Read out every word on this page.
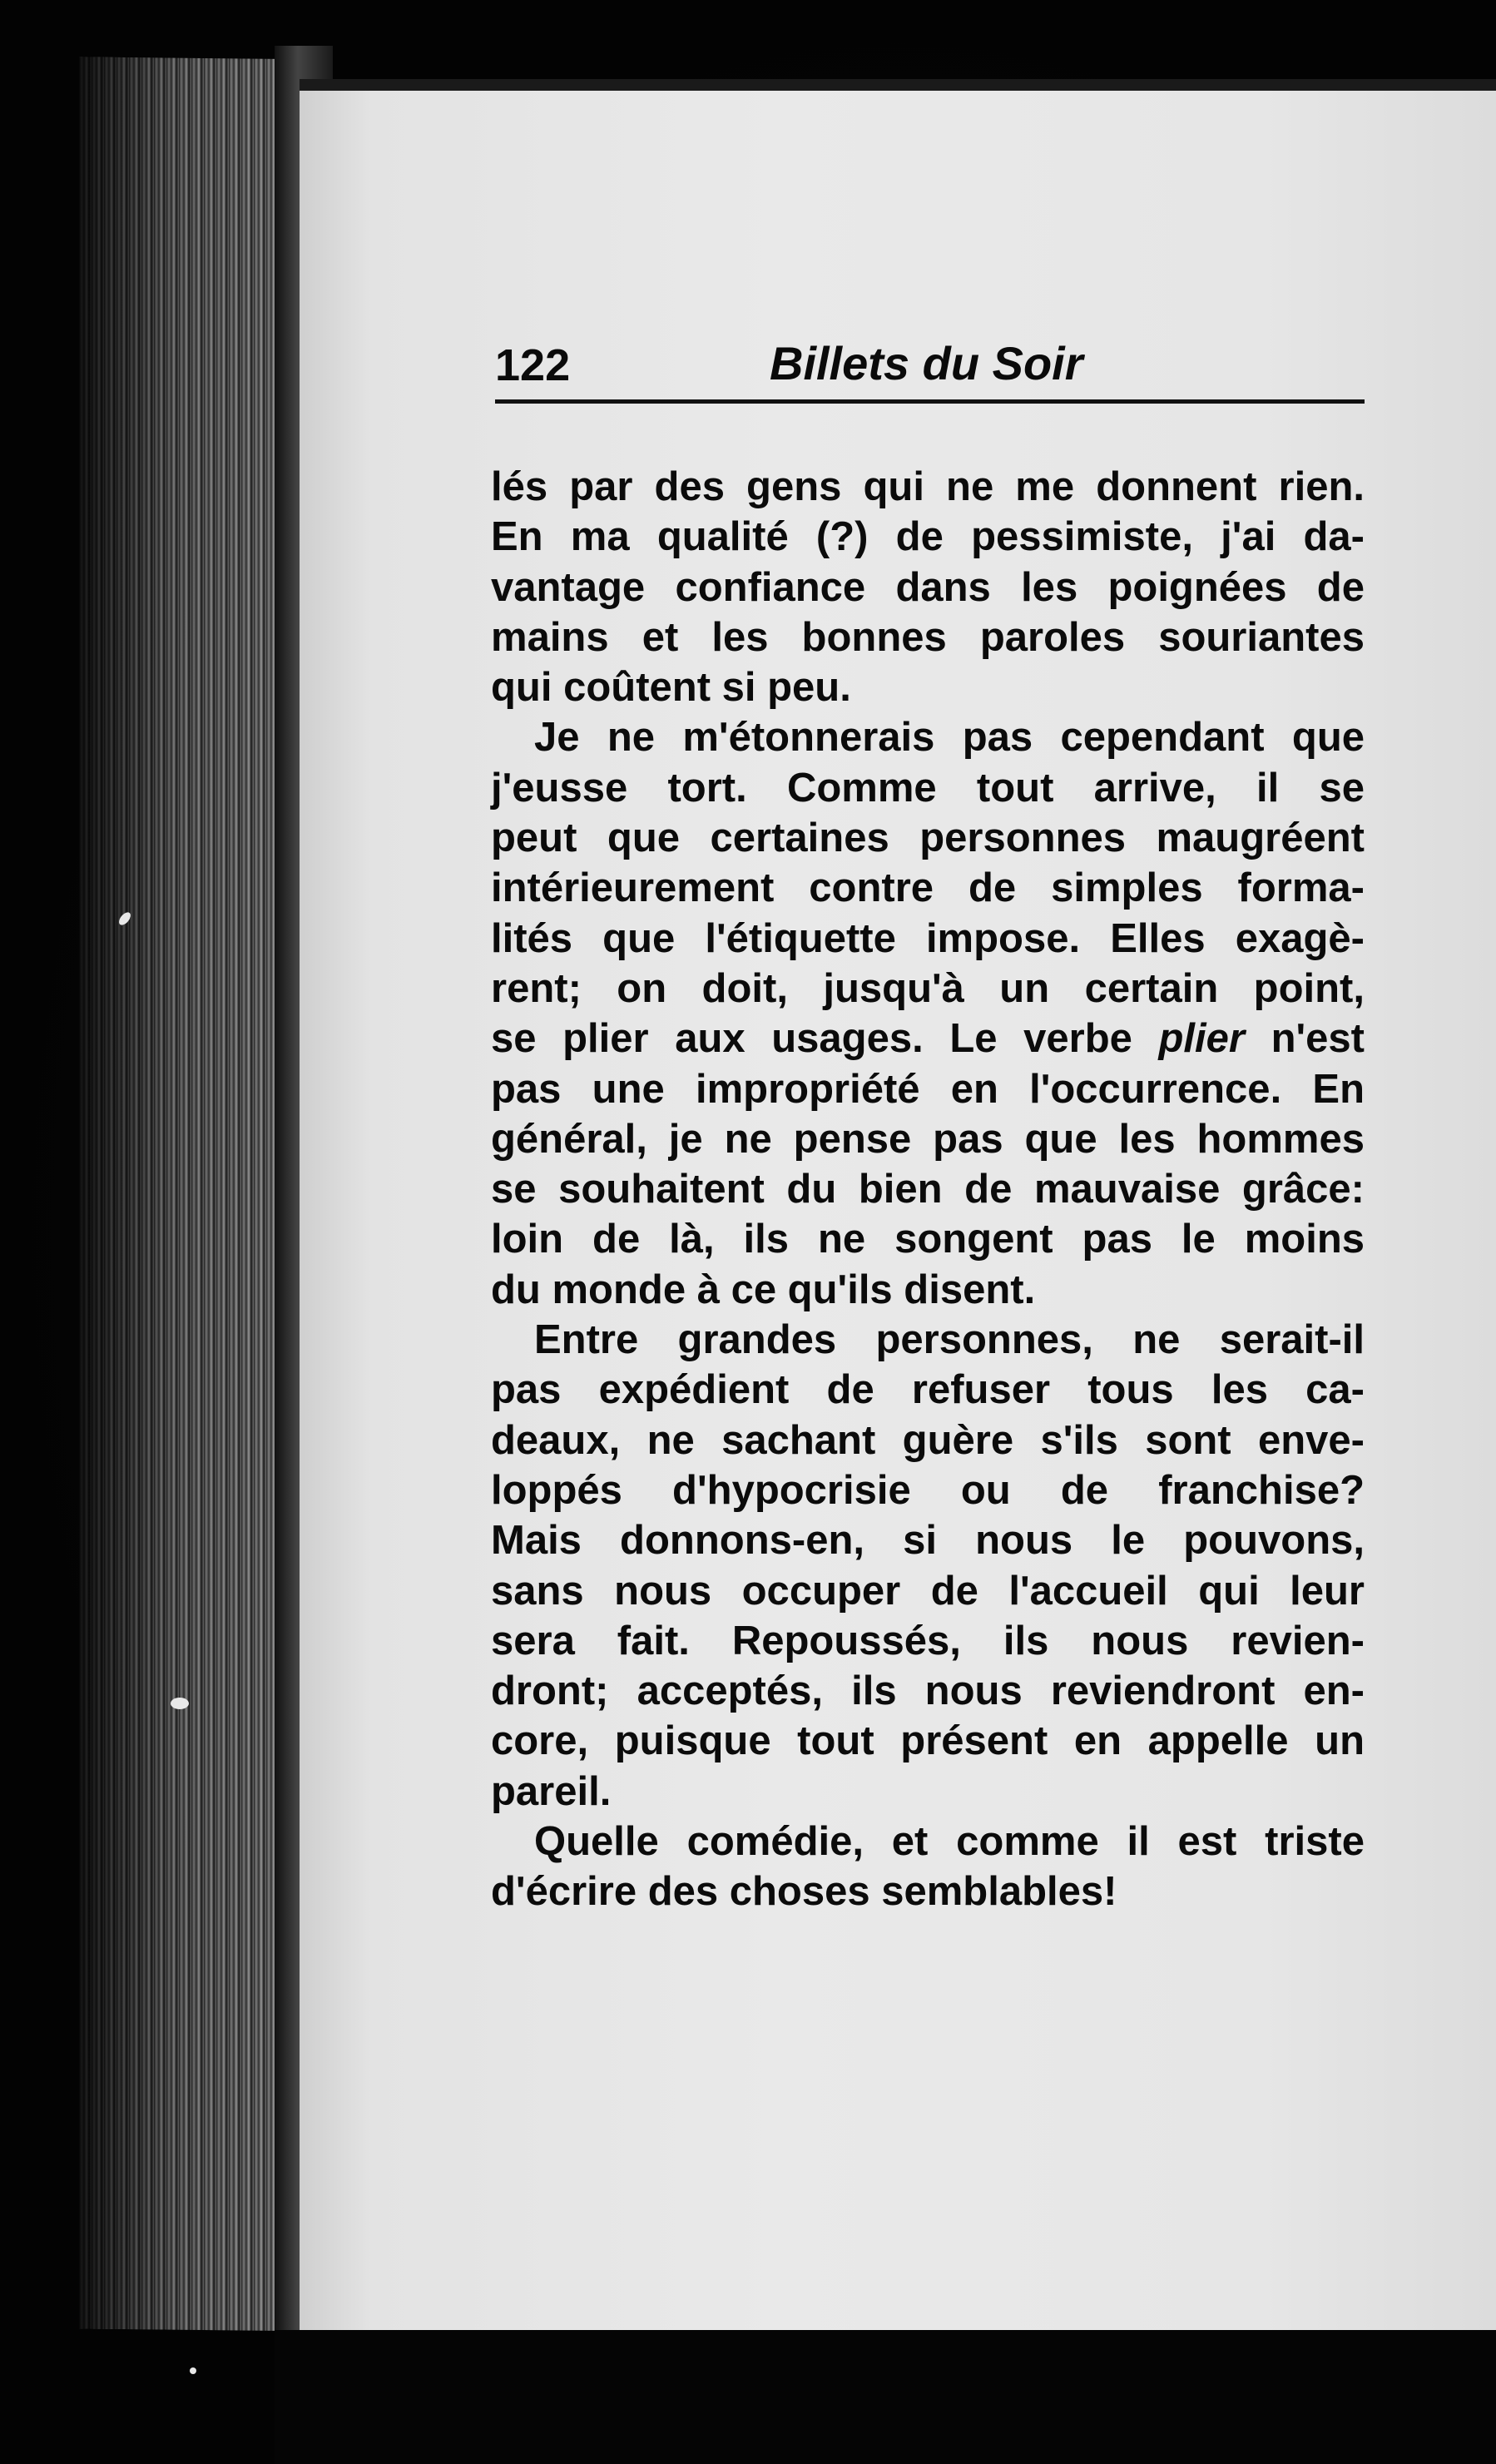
122	Billets du Soir
lés par des gens qui ne me donnent rien.
En ma qualité (?) de pessimiste, j'ai da-
vantage confiance dans les poignées de
mains et les bonnes paroles souriantes
qui coûtent si peu.
Je ne m'étonnerais pas cependant que
j'eusse tort. Comme tout arrive, il se
peut que certaines personnes maugréent
intérieurement contre de simples forma-
lités que l'étiquette impose. Elles exagè-
rent; on doit, jusqu'à un certain point,
se plier aux usages. Le verbe plier n'est
pas une impropriété en l'occurrence. En
général, je ne pense pas que les hommes
se souhaitent du bien de mauvaise grâce:
loin de là, ils ne songent pas le moins
du monde à ce qu'ils disent.
Entre grandes personnes, ne serait-il
pas expédient de refuser tous les ca-
deaux, ne sachant guère s'ils sont enve-
loppés d'hypocrisie ou de franchise?
Mais donnons-en, si nous le pouvons,
sans nous occuper de l'accueil qui leur
sera fait. Repoussés, ils nous revien-
dront; acceptés, ils nous reviendront en-
core, puisque tout présent en appelle un
pareil.
Quelle comédie, et comme il est triste
d'écrire des choses semblables!
